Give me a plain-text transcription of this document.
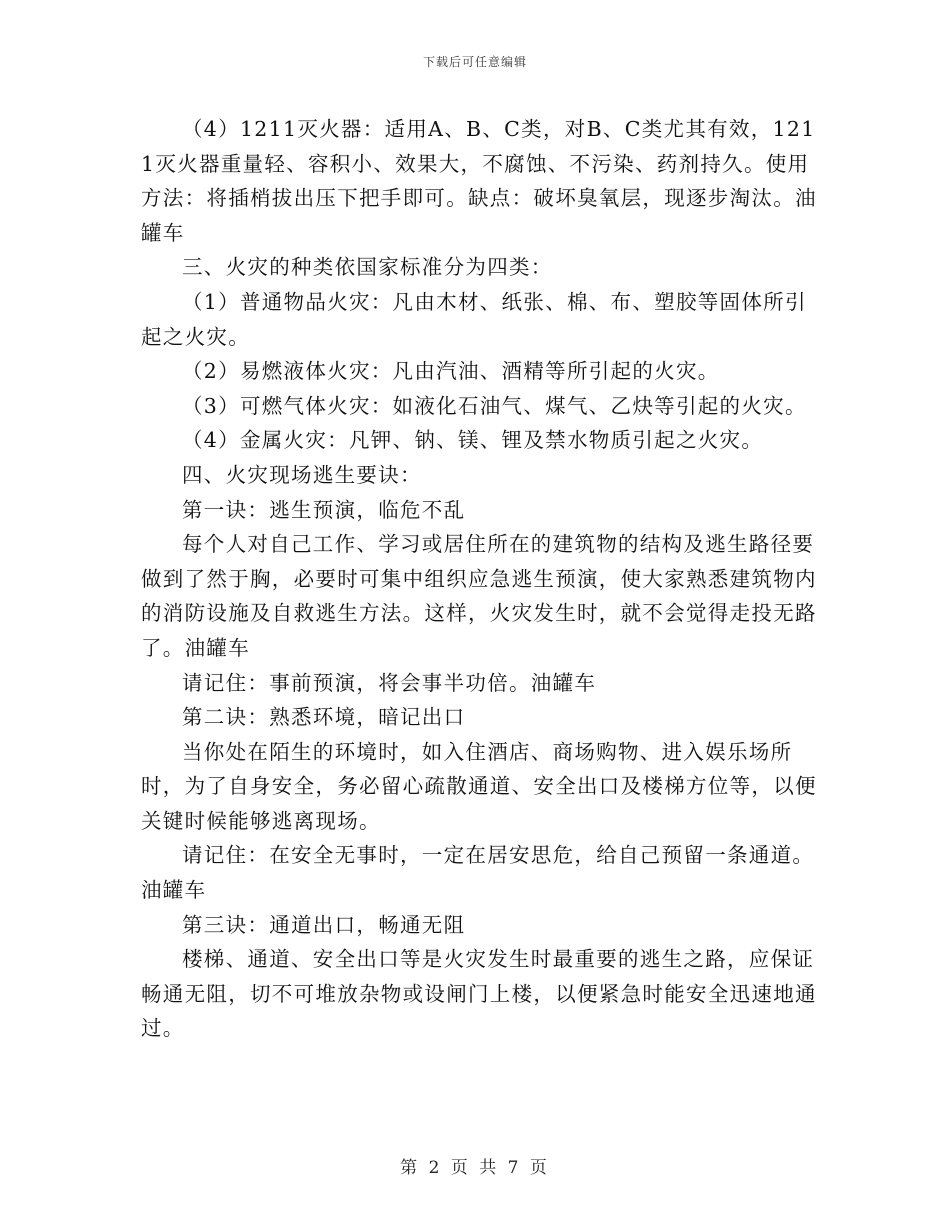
下载后可任意编辑

（4）1211灭火器：适用A、B、C类，对B、C类尤其有效，1211灭火器重量轻、容积小、效果大，不腐蚀、不污染、药剂持久。使用方法：将插梢拔出压下把手即可。缺点：破坏臭氧层，现逐步淘汰。油罐车

三、火灾的种类依国家标准分为四类：

（1）普通物品火灾：凡由木材、纸张、棉、布、塑胶等固体所引起之火灾。

（2）易燃液体火灾：凡由汽油、酒精等所引起的火灾。

（3）可燃气体火灾：如液化石油气、煤气、乙炔等引起的火灾。

（4）金属火灾：凡钾、钠、镁、锂及禁水物质引起之火灾。

四、火灾现场逃生要诀：

第一诀：逃生预演，临危不乱

每个人对自己工作、学习或居住所在的建筑物的结构及逃生路径要做到了然于胸，必要时可集中组织应急逃生预演，使大家熟悉建筑物内的消防设施及自救逃生方法。这样，火灾发生时，就不会觉得走投无路了。油罐车

请记住：事前预演，将会事半功倍。油罐车

第二诀：熟悉环境，暗记出口

当你处在陌生的环境时，如入住酒店、商场购物、进入娱乐场所时，为了自身安全，务必留心疏散通道、安全出口及楼梯方位等，以便关键时候能够逃离现场。

请记住：在安全无事时，一定在居安思危，给自己预留一条通道。油罐车

第三诀：通道出口，畅通无阻

楼梯、通道、安全出口等是火灾发生时最重要的逃生之路，应保证畅通无阻，切不可堆放杂物或设闸门上楼，以便紧急时能安全迅速地通过。

第 2 页 共 7 页
